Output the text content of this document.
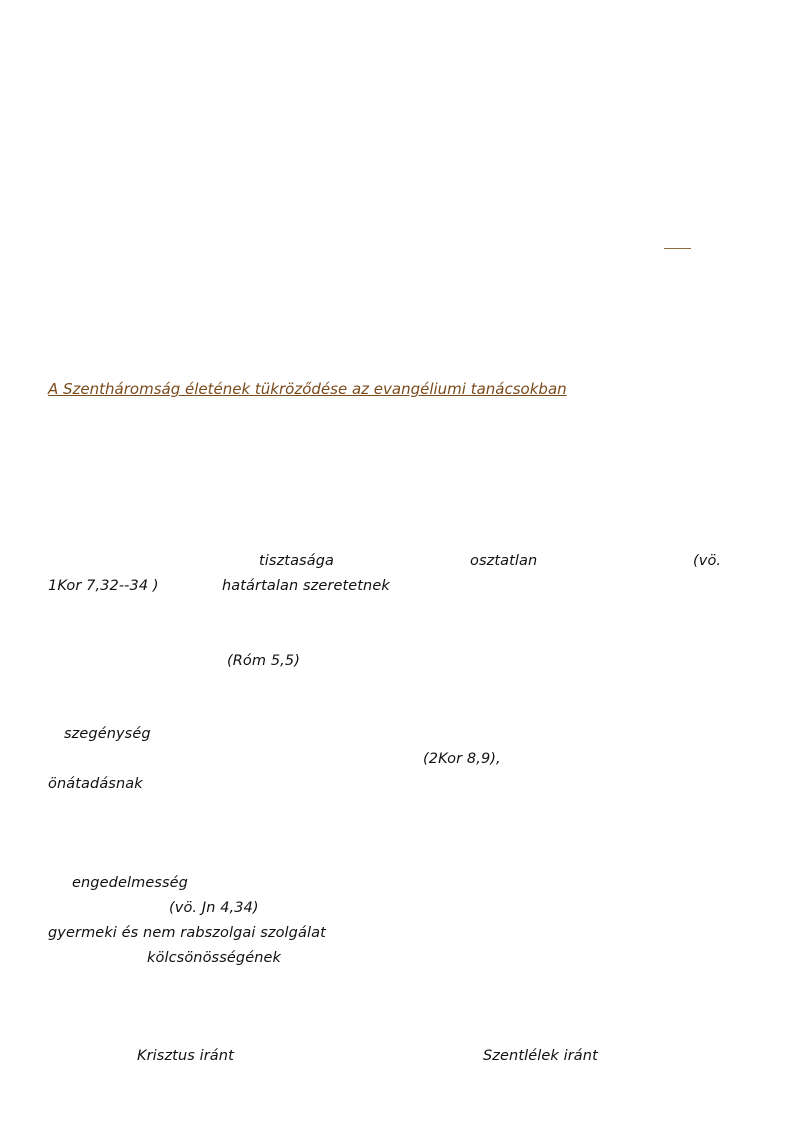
A Szentháromság életének tükröződése az evangéliumi tanácsokban
tisztasága	osztatlan	(vö.
1Kor 7,32--34 )	határtalan szeretetnek
(Róm 5,5)
szegénység
(2Kor 8,9),
önátadásnak
engedelmesség
(vö. Jn 4,34)
gyermeki és nem rabszolgai szolgálat
kölcsönösségének
Krisztus iránt	Szentlélek iránt
